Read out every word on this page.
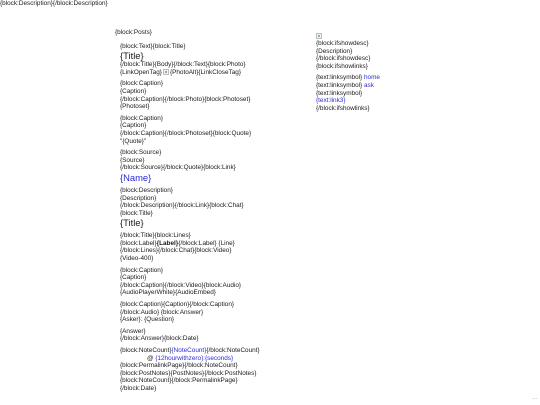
{block:Description}{/block:Description}
{block:Posts}
{block:Text}{block:Title}
{Title}
{/block:Title}{Body}{/block:Text}{block:Photo}
{LinkOpenTag} {PhotoAlt}{LinkCloseTag}
{block:Caption}
{Caption}
{/block:Caption}{/block:Photo}{block:Photoset}
{Photoset}
{block:Caption}
{Caption}
{/block:Caption}{/block:Photoset}{block:Quote}
"{Quote}"
{block:Source}
{Source}
{/block:Source}{/block:Quote}{block:Link}
{Name}
{block:Description}
{Description}
{/block:Description}{/block:Link}{block:Chat}
{block:Title}
{Title}
{/block:Title}{block:Lines}
{block:Label}{Label}{/block:Label} {Line}
{/block:Lines}{/block:Chat}{block:Video}
{Video-400}
{block:Caption}
{Caption}
{/block:Caption}{/block:Video}{block:Audio}
{AudioPlayerWhite}{AudioEmbed}
{block:Caption}{Caption}{/block:Caption}
{/block:Audio} {block:Answer}
{Asker}: {Question}
{Answer}
{/block:Answer}{block:Date}
{block:NoteCount}{NoteCount}{/block:NoteCount}
@ {12hourwithzero}:{seconds}
{block:PermalinkPage}{/block:NoteCount}
{block:PostNotes}{PostNotes}{/block:PostNotes}
{block:NoteCount}{/block:PermalinkPage}
{/block:Date}
{block:ifshowdesc}
{Description}
{/block:ifshowdesc}
{block:ifshowlinks}
{text:linksymbol} home
{text:linksymbol} ask
{text:linksymbol}
{text:link3}
{/block:ifshowlinks}
...
